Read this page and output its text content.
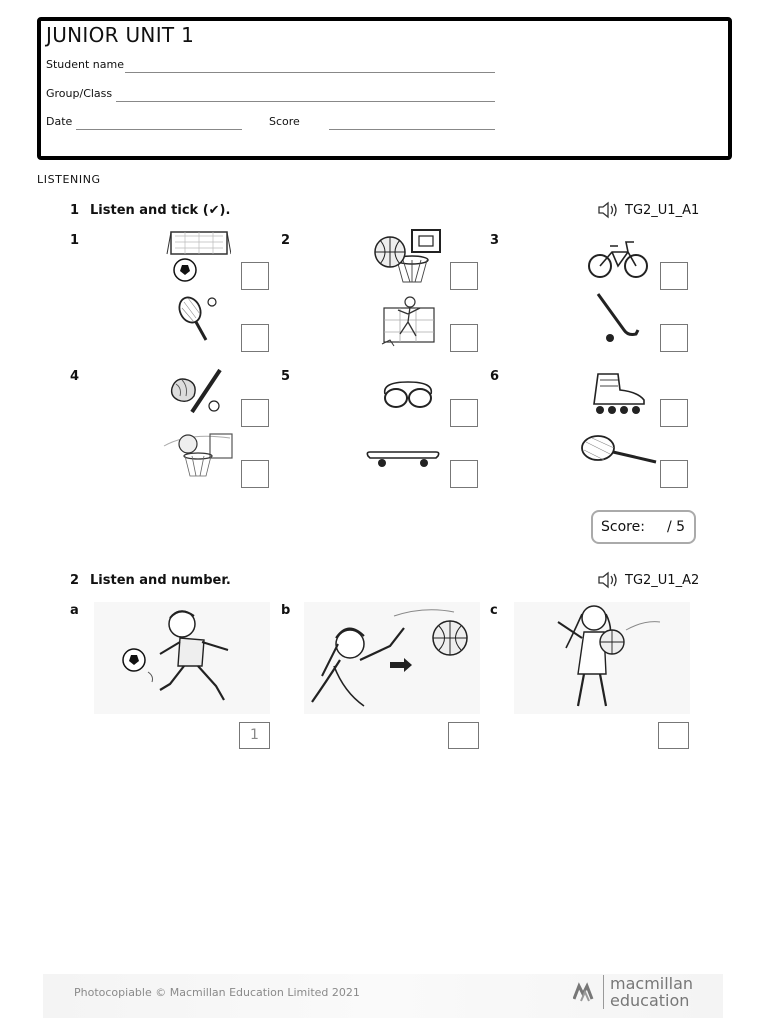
JUNIOR UNIT 1
Student name
Group/Class
Date	Score
LISTENING
1 Listen and tick (✔).	TG2_U1_A1
1	2	3
4	5	6
Score:	/ 5
2 Listen and number.	TG2_U1_A2
a	b	c
1
Photocopiable © Macmillan Education Limited 2021	macmillan
education
